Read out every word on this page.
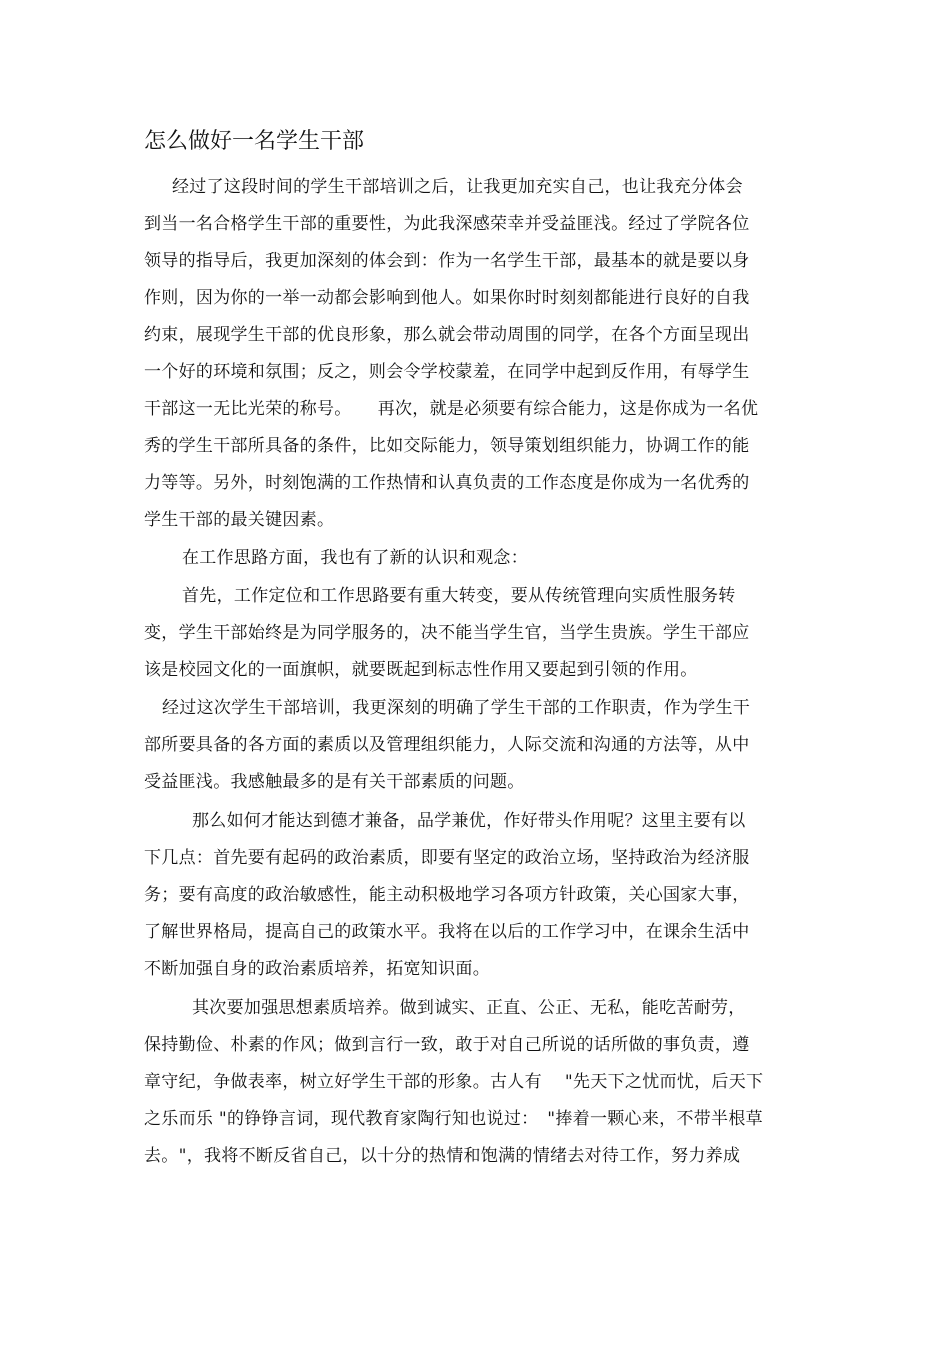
怎么做好一名学生干部
经过了这段时间的学生干部培训之后，让我更加充实自己，也让我充分体会
到当一名合格学生干部的重要性，为此我深感荣幸并受益匪浅。经过了学院各位
领导的指导后，我更加深刻的体会到：作为一名学生干部，最基本的就是要以身
作则，因为你的一举一动都会影响到他人。如果你时时刻刻都能进行良好的自我
约束，展现学生干部的优良形象，那么就会带动周围的同学，在各个方面呈现出
一个好的环境和氛围；反之，则会令学校蒙羞，在同学中起到反作用，有辱学生
干部这一无比光荣的称号。　　再次，就是必须要有综合能力，这是你成为一名优
秀的学生干部所具备的条件，比如交际能力，领导策划组织能力，协调工作的能
力等等。另外，时刻饱满的工作热情和认真负责的工作态度是你成为一名优秀的
学生干部的最关键因素。
在工作思路方面，我也有了新的认识和观念：
首先，工作定位和工作思路要有重大转变，要从传统管理向实质性服务转
变，学生干部始终是为同学服务的，决不能当学生官，当学生贵族。学生干部应
该是校园文化的一面旗帜，就要既起到标志性作用又要起到引领的作用。
经过这次学生干部培训，我更深刻的明确了学生干部的工作职责，作为学生干
部所要具备的各方面的素质以及管理组织能力，人际交流和沟通的方法等，从中
受益匪浅。我感触最多的是有关干部素质的问题。
那么如何才能达到德才兼备，品学兼优，作好带头作用呢？这里主要有以
下几点：首先要有起码的政治素质，即要有坚定的政治立场，坚持政治为经济服
务；要有高度的政治敏感性，能主动积极地学习各项方针政策，关心国家大事，
了解世界格局，提高自己的政策水平。我将在以后的工作学习中，在课余生活中
不断加强自身的政治素质培养，拓宽知识面。
其次要加强思想素质培养。做到诚实、正直、公正、无私，能吃苦耐劳，
保持勤俭、朴素的作风；做到言行一致，敢于对自己所说的话所做的事负责，遵
章守纪，争做表率，树立好学生干部的形象。古人有　 "先天下之忧而忧，后天下
之乐而乐 "的铮铮言词，现代教育家陶行知也说过：　"捧着一颗心来，不带半根草
去。"，我将不断反省自己，以十分的热情和饱满的情绪去对待工作，努力养成
